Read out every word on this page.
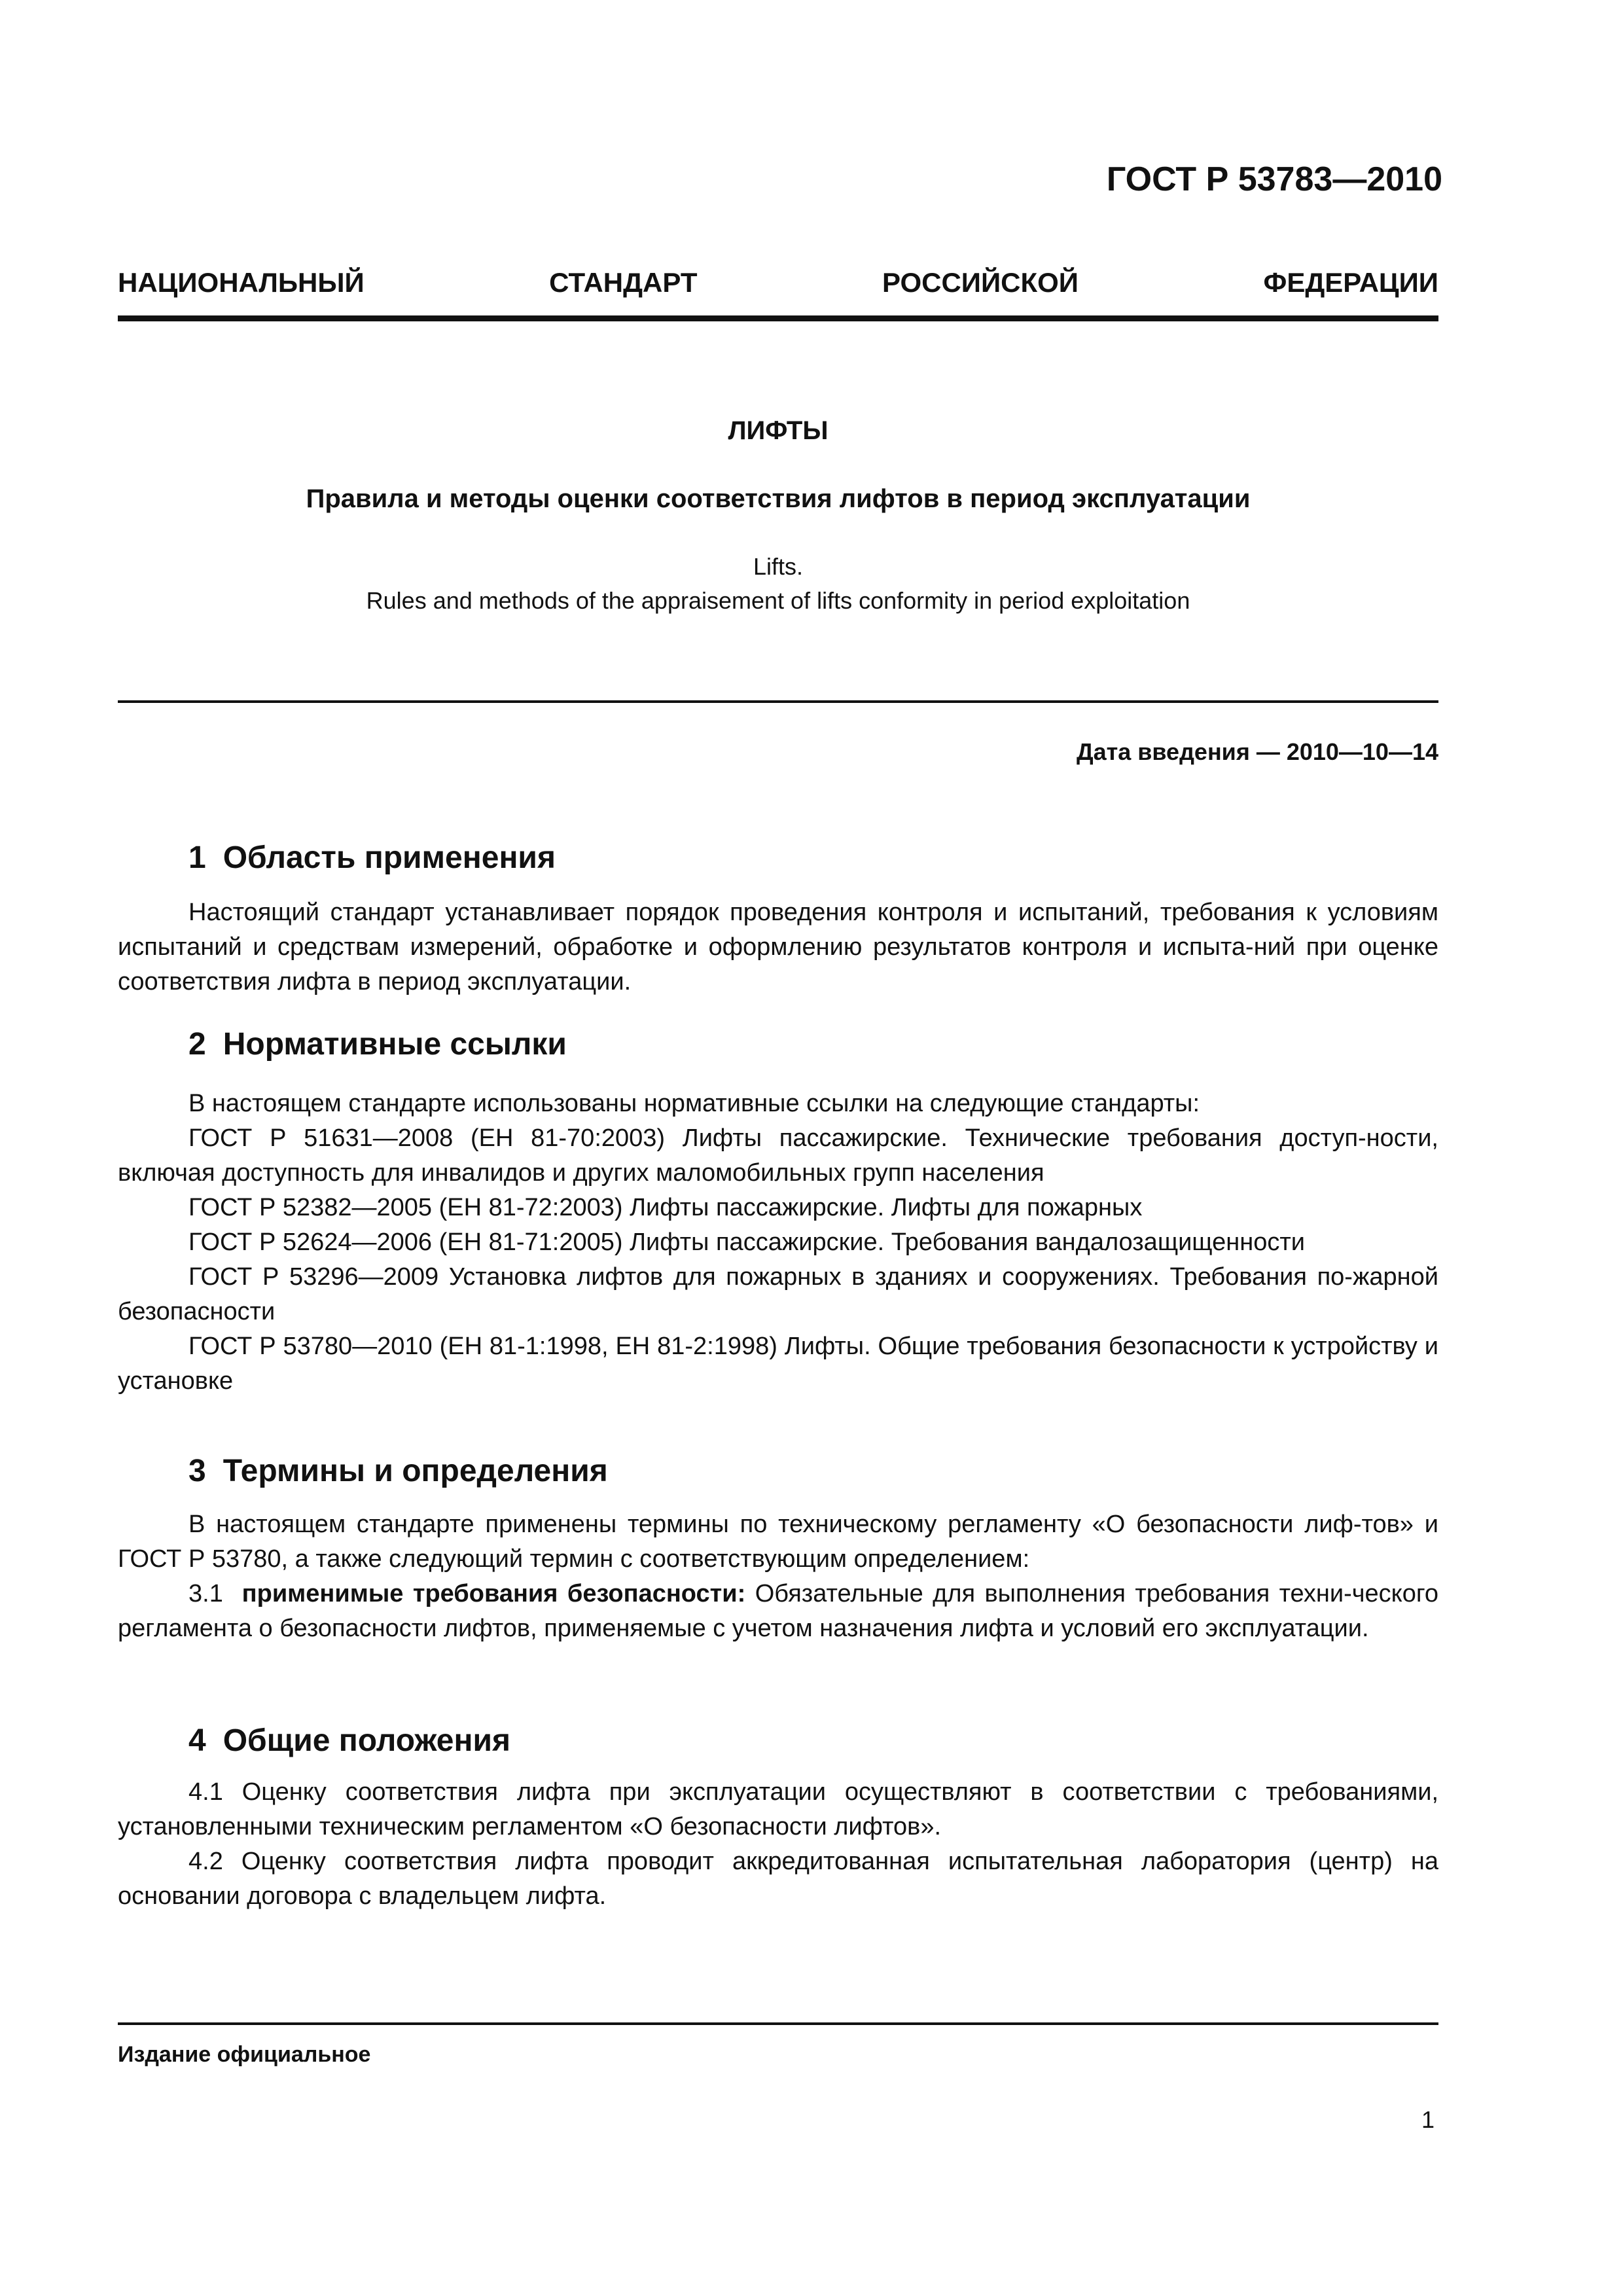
ГОСТ Р 53783—2010
НАЦИОНАЛЬНЫЙ СТАНДАРТ РОССИЙСКОЙ ФЕДЕРАЦИИ
ЛИФТЫ
Правила и методы оценки соответствия лифтов в период эксплуатации
Lifts.
Rules and methods of the appraisement of lifts conformity in period exploitation
Дата введения — 2010—10—14
1 Область применения

Настоящий стандарт устанавливает порядок проведения контроля и испытаний, требования к условиям испытаний и средствам измерений, обработке и оформлению результатов контроля и испыта-ний при оценке соответствия лифта в период эксплуатации.

2 Нормативные ссылки

В настоящем стандарте использованы нормативные ссылки на следующие стандарты:

ГОСТ Р 51631—2008 (ЕН 81-70:2003) Лифты пассажирские. Технические требования доступ-ности, включая доступность для инвалидов и других маломобильных групп населения

ГОСТ Р 52382—2005 (ЕН 81-72:2003) Лифты пассажирские. Лифты для пожарных

ГОСТ Р 52624—2006 (ЕН 81-71:2005) Лифты пассажирские. Требования вандалозащищенности

ГОСТ Р 53296—2009 Установка лифтов для пожарных в зданиях и сооружениях. Требования по-жарной безопасности

ГОСТ Р 53780—2010 (ЕН 81-1:1998, ЕН 81-2:1998) Лифты. Общие требования безопасности к устройству и установке

3 Термины и определения

В настоящем стандарте применены термины по техническому регламенту «О безопасности лиф-тов» и ГОСТ Р 53780, а также следующий термин с соответствующим определением:

3.1 применимые требования безопасности: Обязательные для выполнения требования техни-ческого регламента о безопасности лифтов, применяемые с учетом назначения лифта и условий его эксплуатации.

4 Общие положения

4.1 Оценку соответствия лифта при эксплуатации осуществляют в соответствии с требованиями, установленными техническим регламентом «О безопасности лифтов».

4.2 Оценку соответствия лифта проводит аккредитованная испытательная лаборатория (центр) на основании договора с владельцем лифта.

Издание официальное
1
